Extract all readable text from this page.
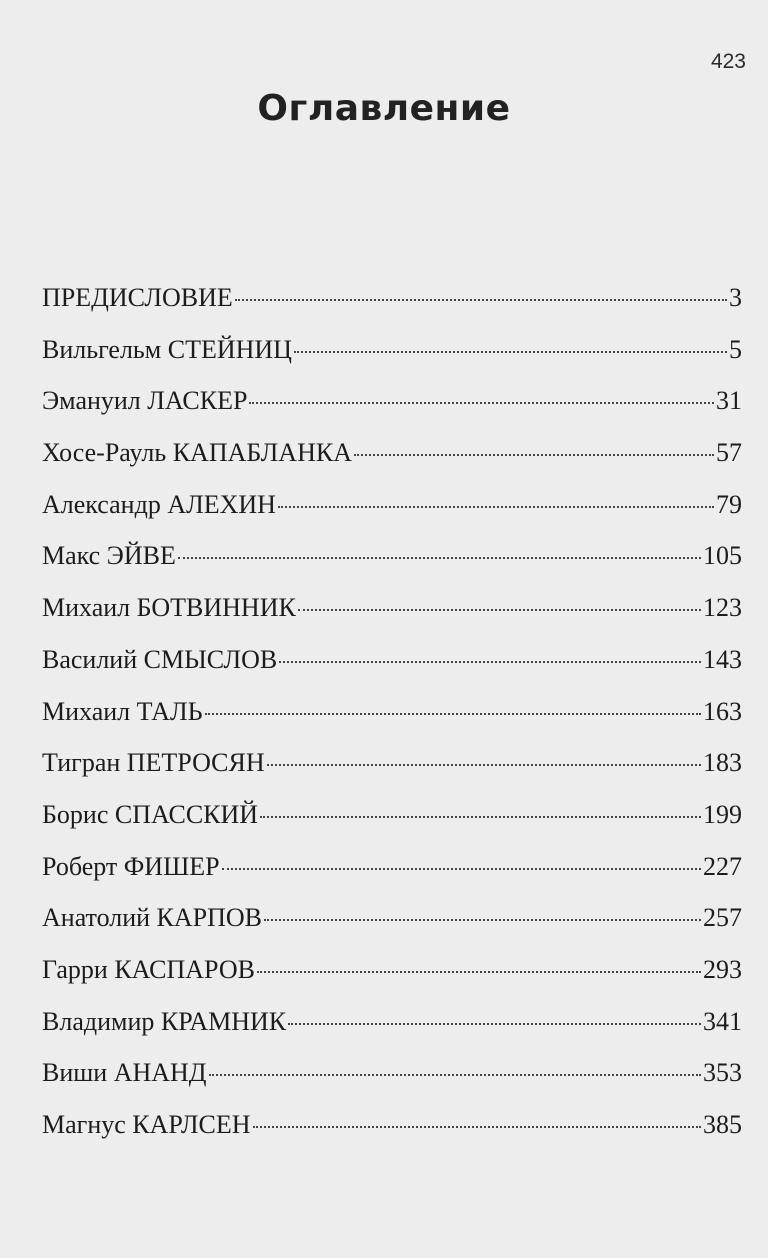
423
Оглавление
ПРЕДИСЛОВИЕ	3
Вильгельм СТЕЙНИЦ	5
Эмануил ЛАСКЕР	31
Хосе-Рауль КАПАБЛАНКА	57
Александр АЛЕХИН	79
Макс ЭЙВЕ	105
Михаил БОТВИННИК	123
Василий СМЫСЛОВ	143
Михаил ТАЛЬ	163
Тигран ПЕТРОСЯН	183
Борис СПАССКИЙ	199
Роберт ФИШЕР	227
Анатолий КАРПОВ	257
Гарри КАСПАРОВ	293
Владимир КРАМНИК	341
Виши АНАНД	353
Магнус КАРЛСЕН	385
